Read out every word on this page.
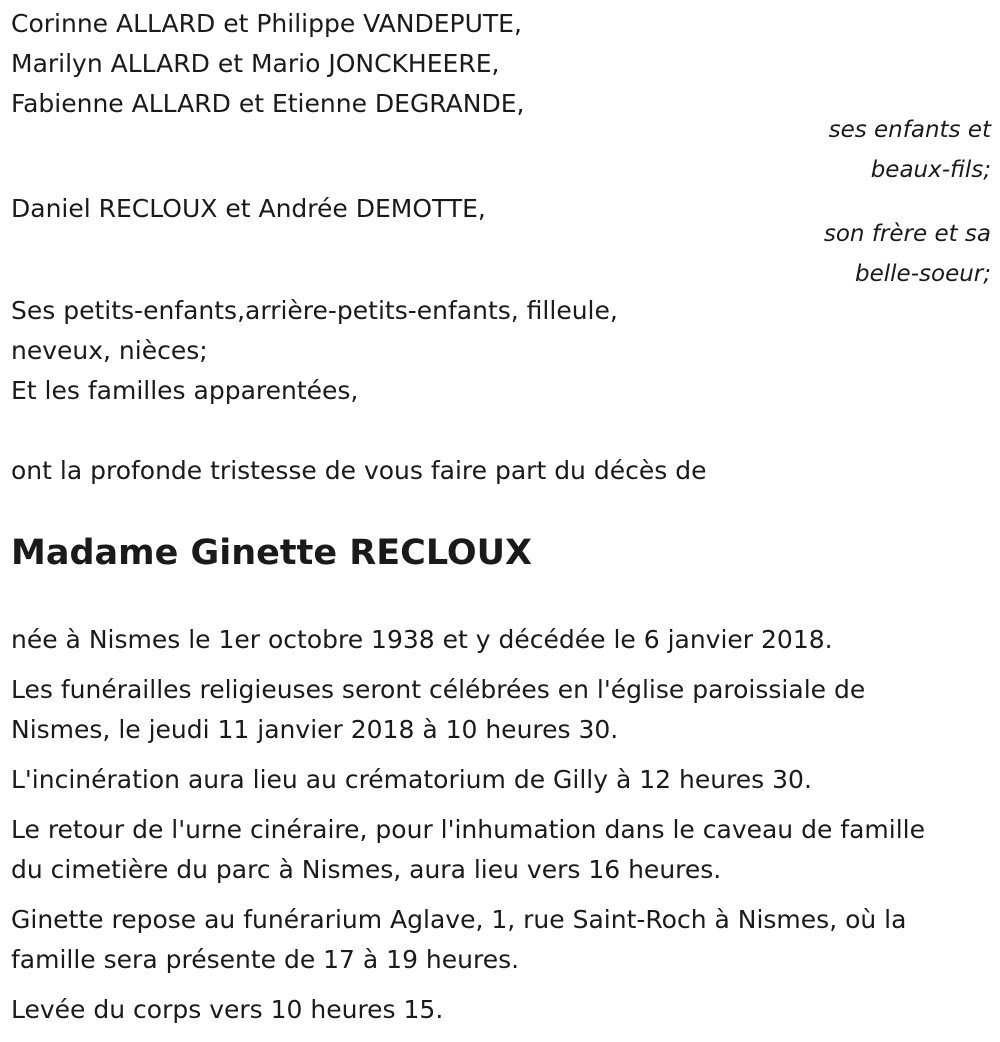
Corinne ALLARD et Philippe VANDEPUTE,
Marilyn ALLARD et Mario JONCKHEERE,
Fabienne ALLARD et Etienne DEGRANDE,
ses enfants et
beaux-fils;
Daniel RECLOUX et Andrée DEMOTTE,
son frère et sa
belle-soeur;
Ses petits-enfants,arrière-petits-enfants, filleule,
neveux, nièces;
Et les familles apparentées,
ont la profonde tristesse de vous faire part du décès de
Madame Ginette RECLOUX

née à Nismes le 1er octobre 1938 et y décédée le 6 janvier 2018.

Les funérailles religieuses seront célébrées en l'église paroissiale de
Nismes, le jeudi 11 janvier 2018 à 10 heures 30.

L'incinération aura lieu au crématorium de Gilly à 12 heures 30.

Le retour de l'urne cinéraire, pour l'inhumation dans le caveau de famille
du cimetière du parc à Nismes, aura lieu vers 16 heures.

Ginette repose au funérarium Aglave, 1, rue Saint-Roch à Nismes, où la
famille sera présente de 17 à 19 heures.

Levée du corps vers 10 heures 15.
